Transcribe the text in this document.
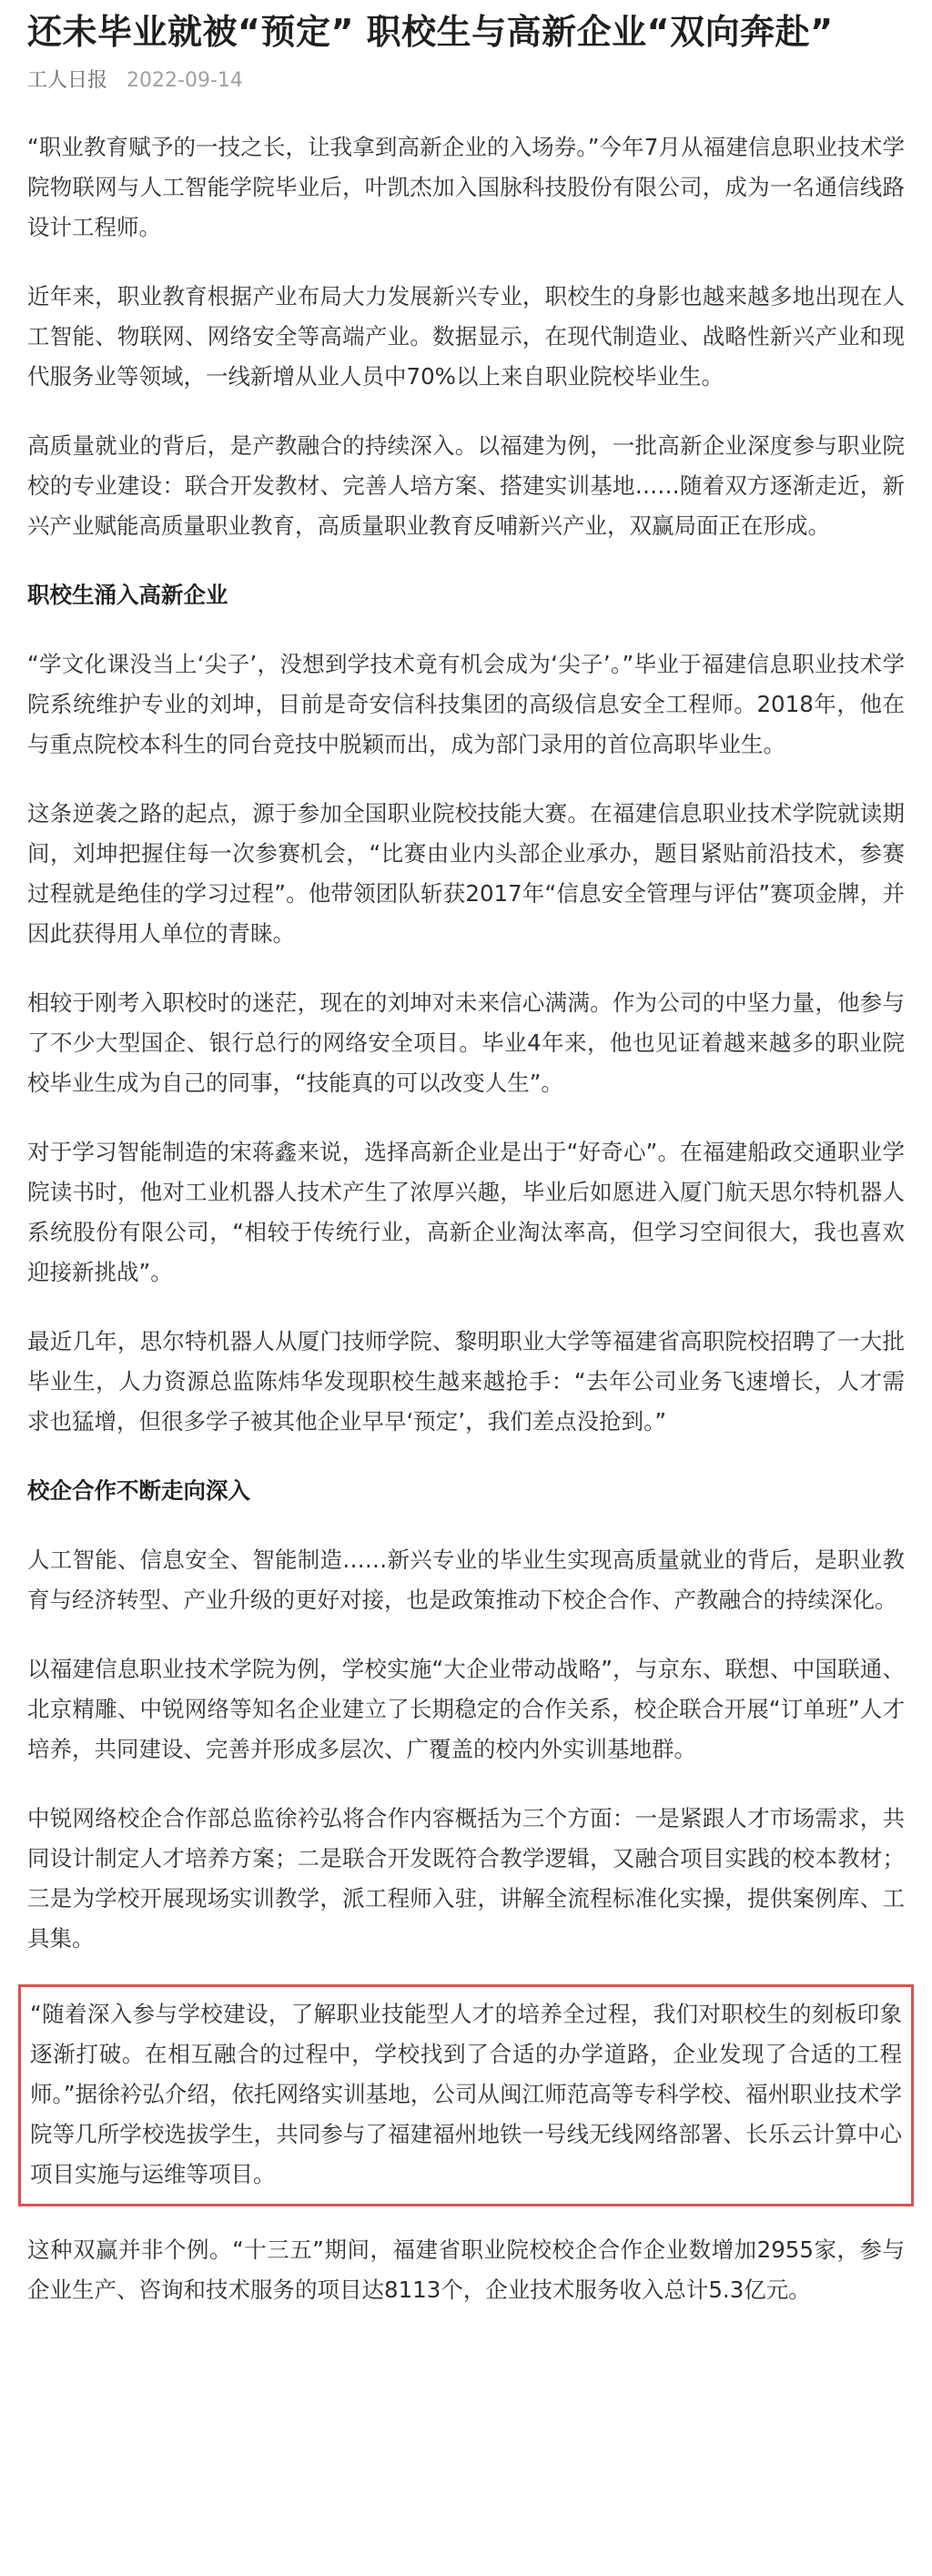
还未毕业就被“预定” 职校生与高新企业“双向奔赴”
工人日报 2022-09-14

“职业教育赋予的一技之长，让我拿到高新企业的入场券。”今年7月从福建信息职业技术学院物联网与人工智能学院毕业后，叶凯杰加入国脉科技股份有限公司，成为一名通信线路设计工程师。

近年来，职业教育根据产业布局大力发展新兴专业，职校生的身影也越来越多地出现在人工智能、物联网、网络安全等高端产业。数据显示，在现代制造业、战略性新兴产业和现代服务业等领域，一线新增从业人员中70%以上来自职业院校毕业生。

高质量就业的背后，是产教融合的持续深入。以福建为例，一批高新企业深度参与职业院校的专业建设：联合开发教材、完善人培方案、搭建实训基地……随着双方逐渐走近，新兴产业赋能高质量职业教育，高质量职业教育反哺新兴产业，双赢局面正在形成。

职校生涌入高新企业

“学文化课没当上‘尖子’，没想到学技术竟有机会成为‘尖子’。”毕业于福建信息职业技术学院系统维护专业的刘坤，目前是奇安信科技集团的高级信息安全工程师。2018年，他在与重点院校本科生的同台竞技中脱颖而出，成为部门录用的首位高职毕业生。

这条逆袭之路的起点，源于参加全国职业院校技能大赛。在福建信息职业技术学院就读期间，刘坤把握住每一次参赛机会，“比赛由业内头部企业承办，题目紧贴前沿技术，参赛过程就是绝佳的学习过程”。他带领团队斩获2017年“信息安全管理与评估”赛项金牌，并因此获得用人单位的青睐。

相较于刚考入职校时的迷茫，现在的刘坤对未来信心满满。作为公司的中坚力量，他参与了不少大型国企、银行总行的网络安全项目。毕业4年来，他也见证着越来越多的职业院校毕业生成为自己的同事，“技能真的可以改变人生”。

对于学习智能制造的宋蒋鑫来说，选择高新企业是出于“好奇心”。在福建船政交通职业学院读书时，他对工业机器人技术产生了浓厚兴趣，毕业后如愿进入厦门航天思尔特机器人系统股份有限公司，“相较于传统行业，高新企业淘汰率高，但学习空间很大，我也喜欢迎接新挑战”。

最近几年，思尔特机器人从厦门技师学院、黎明职业大学等福建省高职院校招聘了一大批毕业生，人力资源总监陈炜华发现职校生越来越抢手：“去年公司业务飞速增长，人才需求也猛增，但很多学子被其他企业早早‘预定’，我们差点没抢到。”

校企合作不断走向深入

人工智能、信息安全、智能制造……新兴专业的毕业生实现高质量就业的背后，是职业教育与经济转型、产业升级的更好对接，也是政策推动下校企合作、产教融合的持续深化。

以福建信息职业技术学院为例，学校实施“大企业带动战略”，与京东、联想、中国联通、北京精雕、中锐网络等知名企业建立了长期稳定的合作关系，校企联合开展“订单班”人才培养，共同建设、完善并形成多层次、广覆盖的校内外实训基地群。

中锐网络校企合作部总监徐衿弘将合作内容概括为三个方面：一是紧跟人才市场需求，共同设计制定人才培养方案；二是联合开发既符合教学逻辑，又融合项目实践的校本教材；三是为学校开展现场实训教学，派工程师入驻，讲解全流程标准化实操，提供案例库、工具集。

“随着深入参与学校建设，了解职业技能型人才的培养全过程，我们对职校生的刻板印象逐渐打破。在相互融合的过程中，学校找到了合适的办学道路，企业发现了合适的工程师。”据徐衿弘介绍，依托网络实训基地，公司从闽江师范高等专科学校、福州职业技术学院等几所学校选拔学生，共同参与了福建福州地铁一号线无线网络部署、长乐云计算中心项目实施与运维等项目。

这种双赢并非个例。“十三五”期间，福建省职业院校校企合作企业数增加2955家，参与企业生产、咨询和技术服务的项目达8113个，企业技术服务收入总计5.3亿元。
